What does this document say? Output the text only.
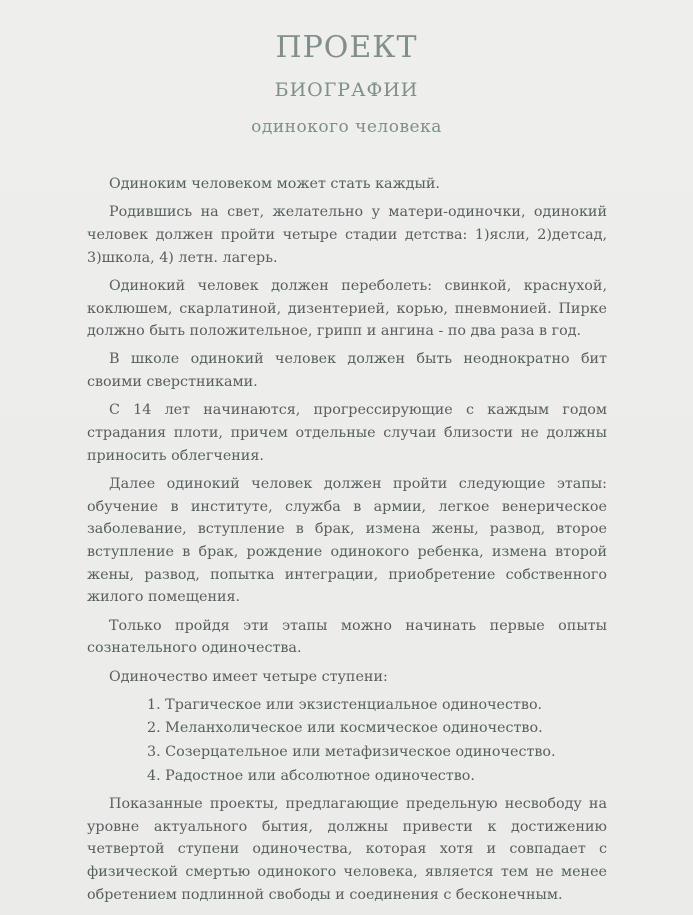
ПРОЕКТ
БИОГРАФИИ
одинокого человека

Одиноким человеком может стать каждый.

Родившись на свет, желательно у матери-одиночки, одинокий человек должен пройти четыре стадии детства: 1)ясли, 2)детсад, 3)школа, 4) летн. лагерь.

Одинокий человек должен переболеть: свинкой, краснухой, коклюшем, скарлатиной, дизентерией, корью, пневмонией. Пирке должно быть положительное, грипп и ангина - по два раза в год.

В школе одинокий человек должен быть неоднократно бит своими сверстниками.

С 14 лет начинаются, прогрессирующие с каждым годом страдания плоти, причем отдельные случаи близости не должны приносить облегчения.

Далее одинокий человек должен пройти следующие этапы: обучение в институте, служба в армии, легкое венерическое заболевание, вступление в брак, измена жены, развод, второе вступление в брак, рождение одинокого ребенка, измена второй жены, развод, попытка интеграции, приобретение собственного жилого помещения.

Только пройдя эти этапы можно начинать первые опыты сознательного одиночества.

Одиночество имеет четыре ступени:

1. Трагическое или экзистенциальное одиночество.
2. Меланхолическое или космическое одиночество.
3. Созерцательное или метафизическое одиночество.
4. Радостное или абсолютное одиночество.

Показанные проекты, предлагающие предельную несвободу на уровне актуального бытия, должны привести к достижению четвертой ступени одиночества, которая хотя и совпадает с физической смертью одинокого человека, является тем не менее обретением подлинной свободы и соединения с бесконечным.
